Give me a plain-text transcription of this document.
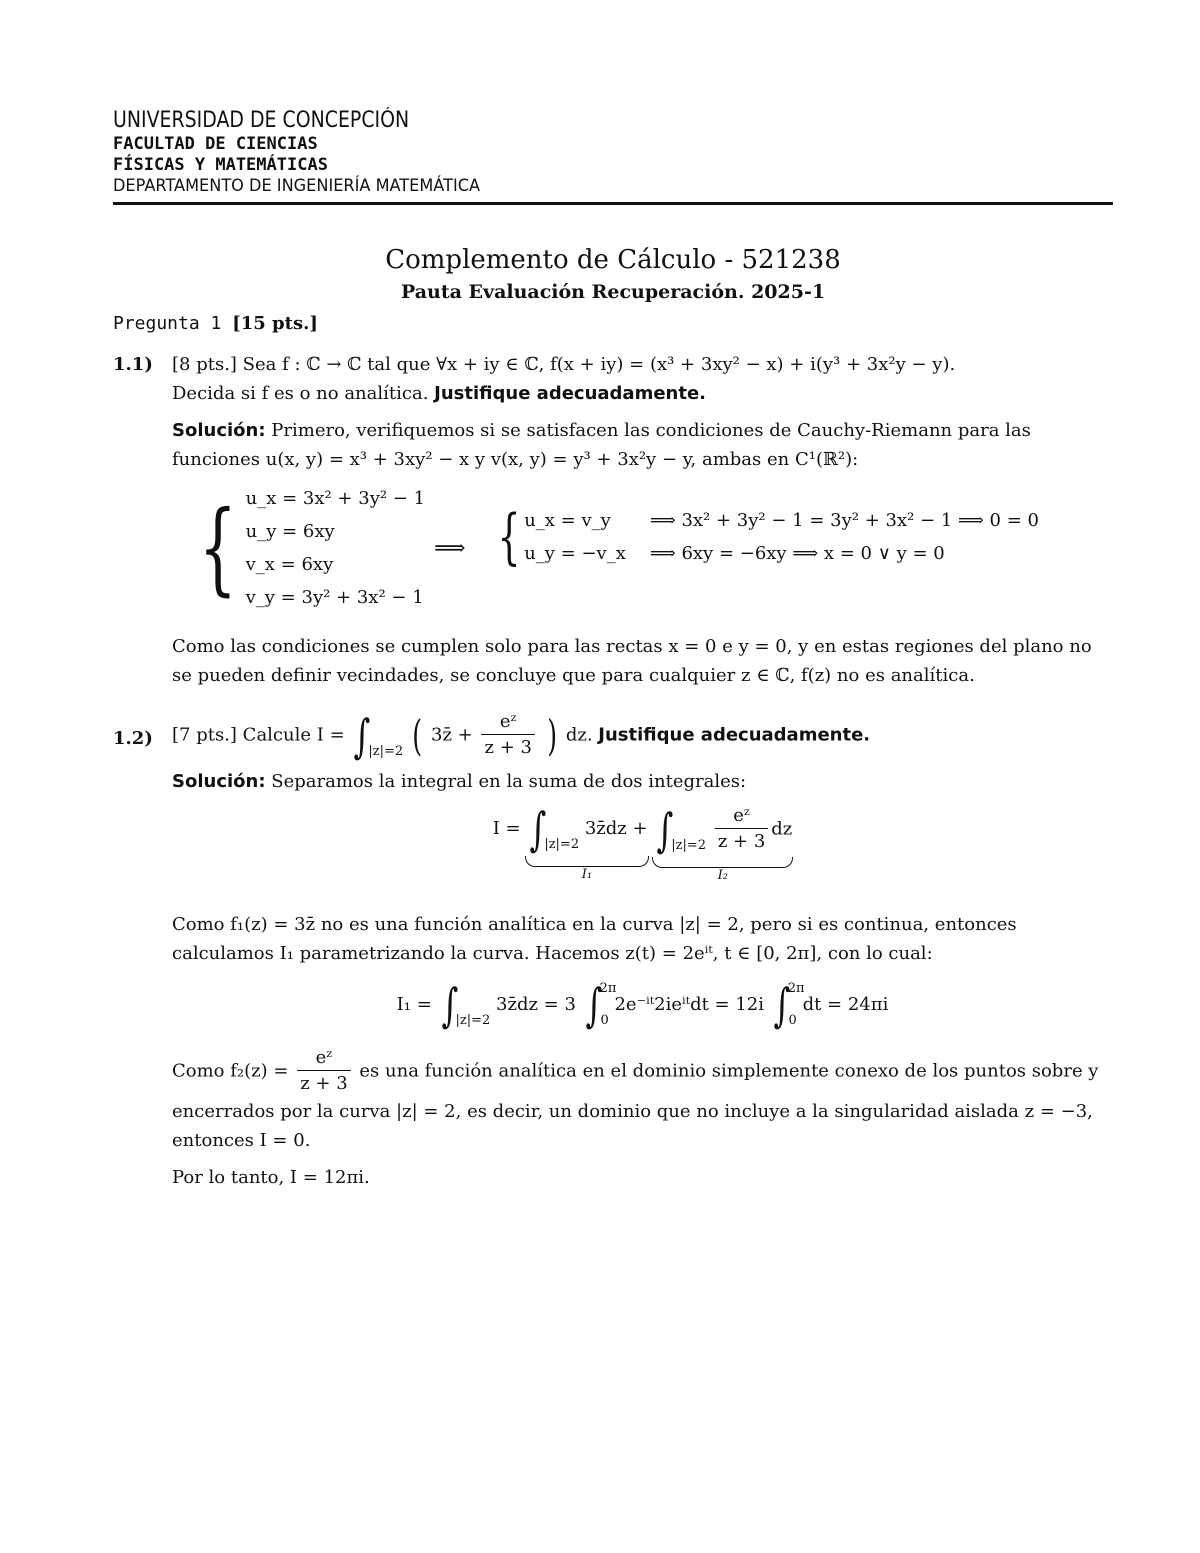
UNIVERSIDAD DE CONCEPCIÓN
FACULTAD DE CIENCIAS
FÍSICAS Y MATEMÁTICAS
DEPARTAMENTO DE INGENIERÍA MATEMÁTICA
Complemento de Cálculo - 521238
Pauta Evaluación Recuperación. 2025-1
Pregunta 1 [15 pts.]
1.1) [8 pts.] Sea f : ℂ → ℂ tal que ∀x + iy ∈ ℂ, f(x + iy) = (x³ + 3xy² − x) + i(y³ + 3x²y − y).
Decida si f es o no analítica. Justifique adecuadamente.
Solución: Primero, verifiquemos si se satisfacen las condiciones de Cauchy-Riemann para las funciones u(x, y) = x³ + 3xy² − x y v(x, y) = y³ + 3x²y − y, ambas en C¹(ℝ²):
{ u_x = 3x² + 3y² − 1
u_y = 6xy
v_x = 6xy
v_y = 3y² + 3x² − 1
⟹ { u_x = v_y ⟹ 3x² + 3y² − 1 = 3y² + 3x² − 1 ⟹ 0 = 0
u_y = −v_x ⟹ 6xy = −6xy ⟹ x = 0 ∨ y = 0
Como las condiciones se cumplen solo para las rectas x = 0 e y = 0, y en estas regiones del plano no se pueden definir vecindades, se concluye que para cualquier z ∈ ℂ, f(z) no es analítica.
1.2) [7 pts.] Calcule $I = \int_{|z|=2}$ ( 3z̄ + $\frac{\text{eᶻ}}{z + 3}$ ) dz. Justifique adecuadamente.
Solución: Separamos la integral en la suma de dos integrales:
$I = \int_{|z|=2}$ 3z̄dz +
I₁

$\int_{|z|=2} \frac{\text{eᶻ}}{z + 3}$ dz
I₂
Como f₁(z) = 3z̄ no es una función analítica en la curva |z| = 2, pero si es continua, entonces calculamos I₁ parametrizando la curva. Hacemos z(t) = 2eⁱᵗ, t ∈ [0, 2π], con lo cual:
$I_1 = \int_{|z|=2}$ 3z̄dz = 3 ∫$^{2\pi}_0$ 2e⁻ⁱᵗ2ieⁱᵗdt = 12i ∫$^{2\pi}_0$ dt = 24πi
Como $f_2(z) = \frac{\text{eᶻ}}{z + 3}$ es una función analítica en el dominio simplemente conexo de los puntos sobre y encerrados por la curva |z| = 2, es decir, un dominio que no incluye a la singularidad aislada z = −3, entonces I = 0.
Por lo tanto, I = 12πi.
